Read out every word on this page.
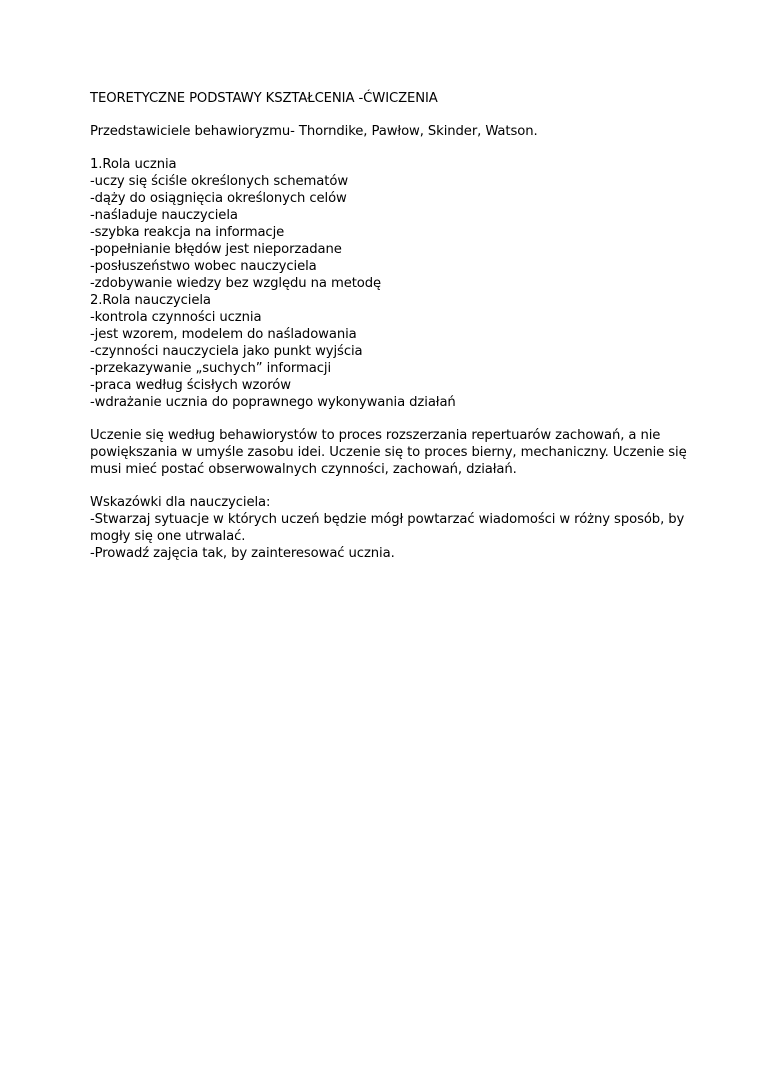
TEORETYCZNE PODSTAWY KSZTAŁCENIA -ĆWICZENIA
Przedstawiciele behawioryzmu- Thorndike, Pawłow, Skinder, Watson.
1.Rola ucznia
-uczy się ściśle określonych schematów
-dąży do osiągnięcia określonych celów
-naśladuje nauczyciela
-szybka reakcja na informacje
-popełnianie błędów jest nieporzadane
-posłuszeństwo wobec nauczyciela
-zdobywanie wiedzy bez względu na metodę
2.Rola nauczyciela
-kontrola czynności ucznia
-jest wzorem, modelem do naśladowania
-czynności nauczyciela jako punkt wyjścia
-przekazywanie „suchych” informacji
-praca według ścisłych wzorów
-wdrażanie ucznia do poprawnego wykonywania działań
Uczenie się według behawiorystów to proces rozszerzania repertuarów zachowań, a nie
powiększania w umyśle zasobu idei. Uczenie się to proces bierny, mechaniczny. Uczenie się
musi mieć postać obserwowalnych czynności, zachowań, działań.
Wskazówki dla nauczyciela:
-Stwarzaj sytuacje w których uczeń będzie mógł powtarzać wiadomości w różny sposób, by
mogły się one utrwalać.
-Prowadź zajęcia tak, by zainteresować ucznia.
